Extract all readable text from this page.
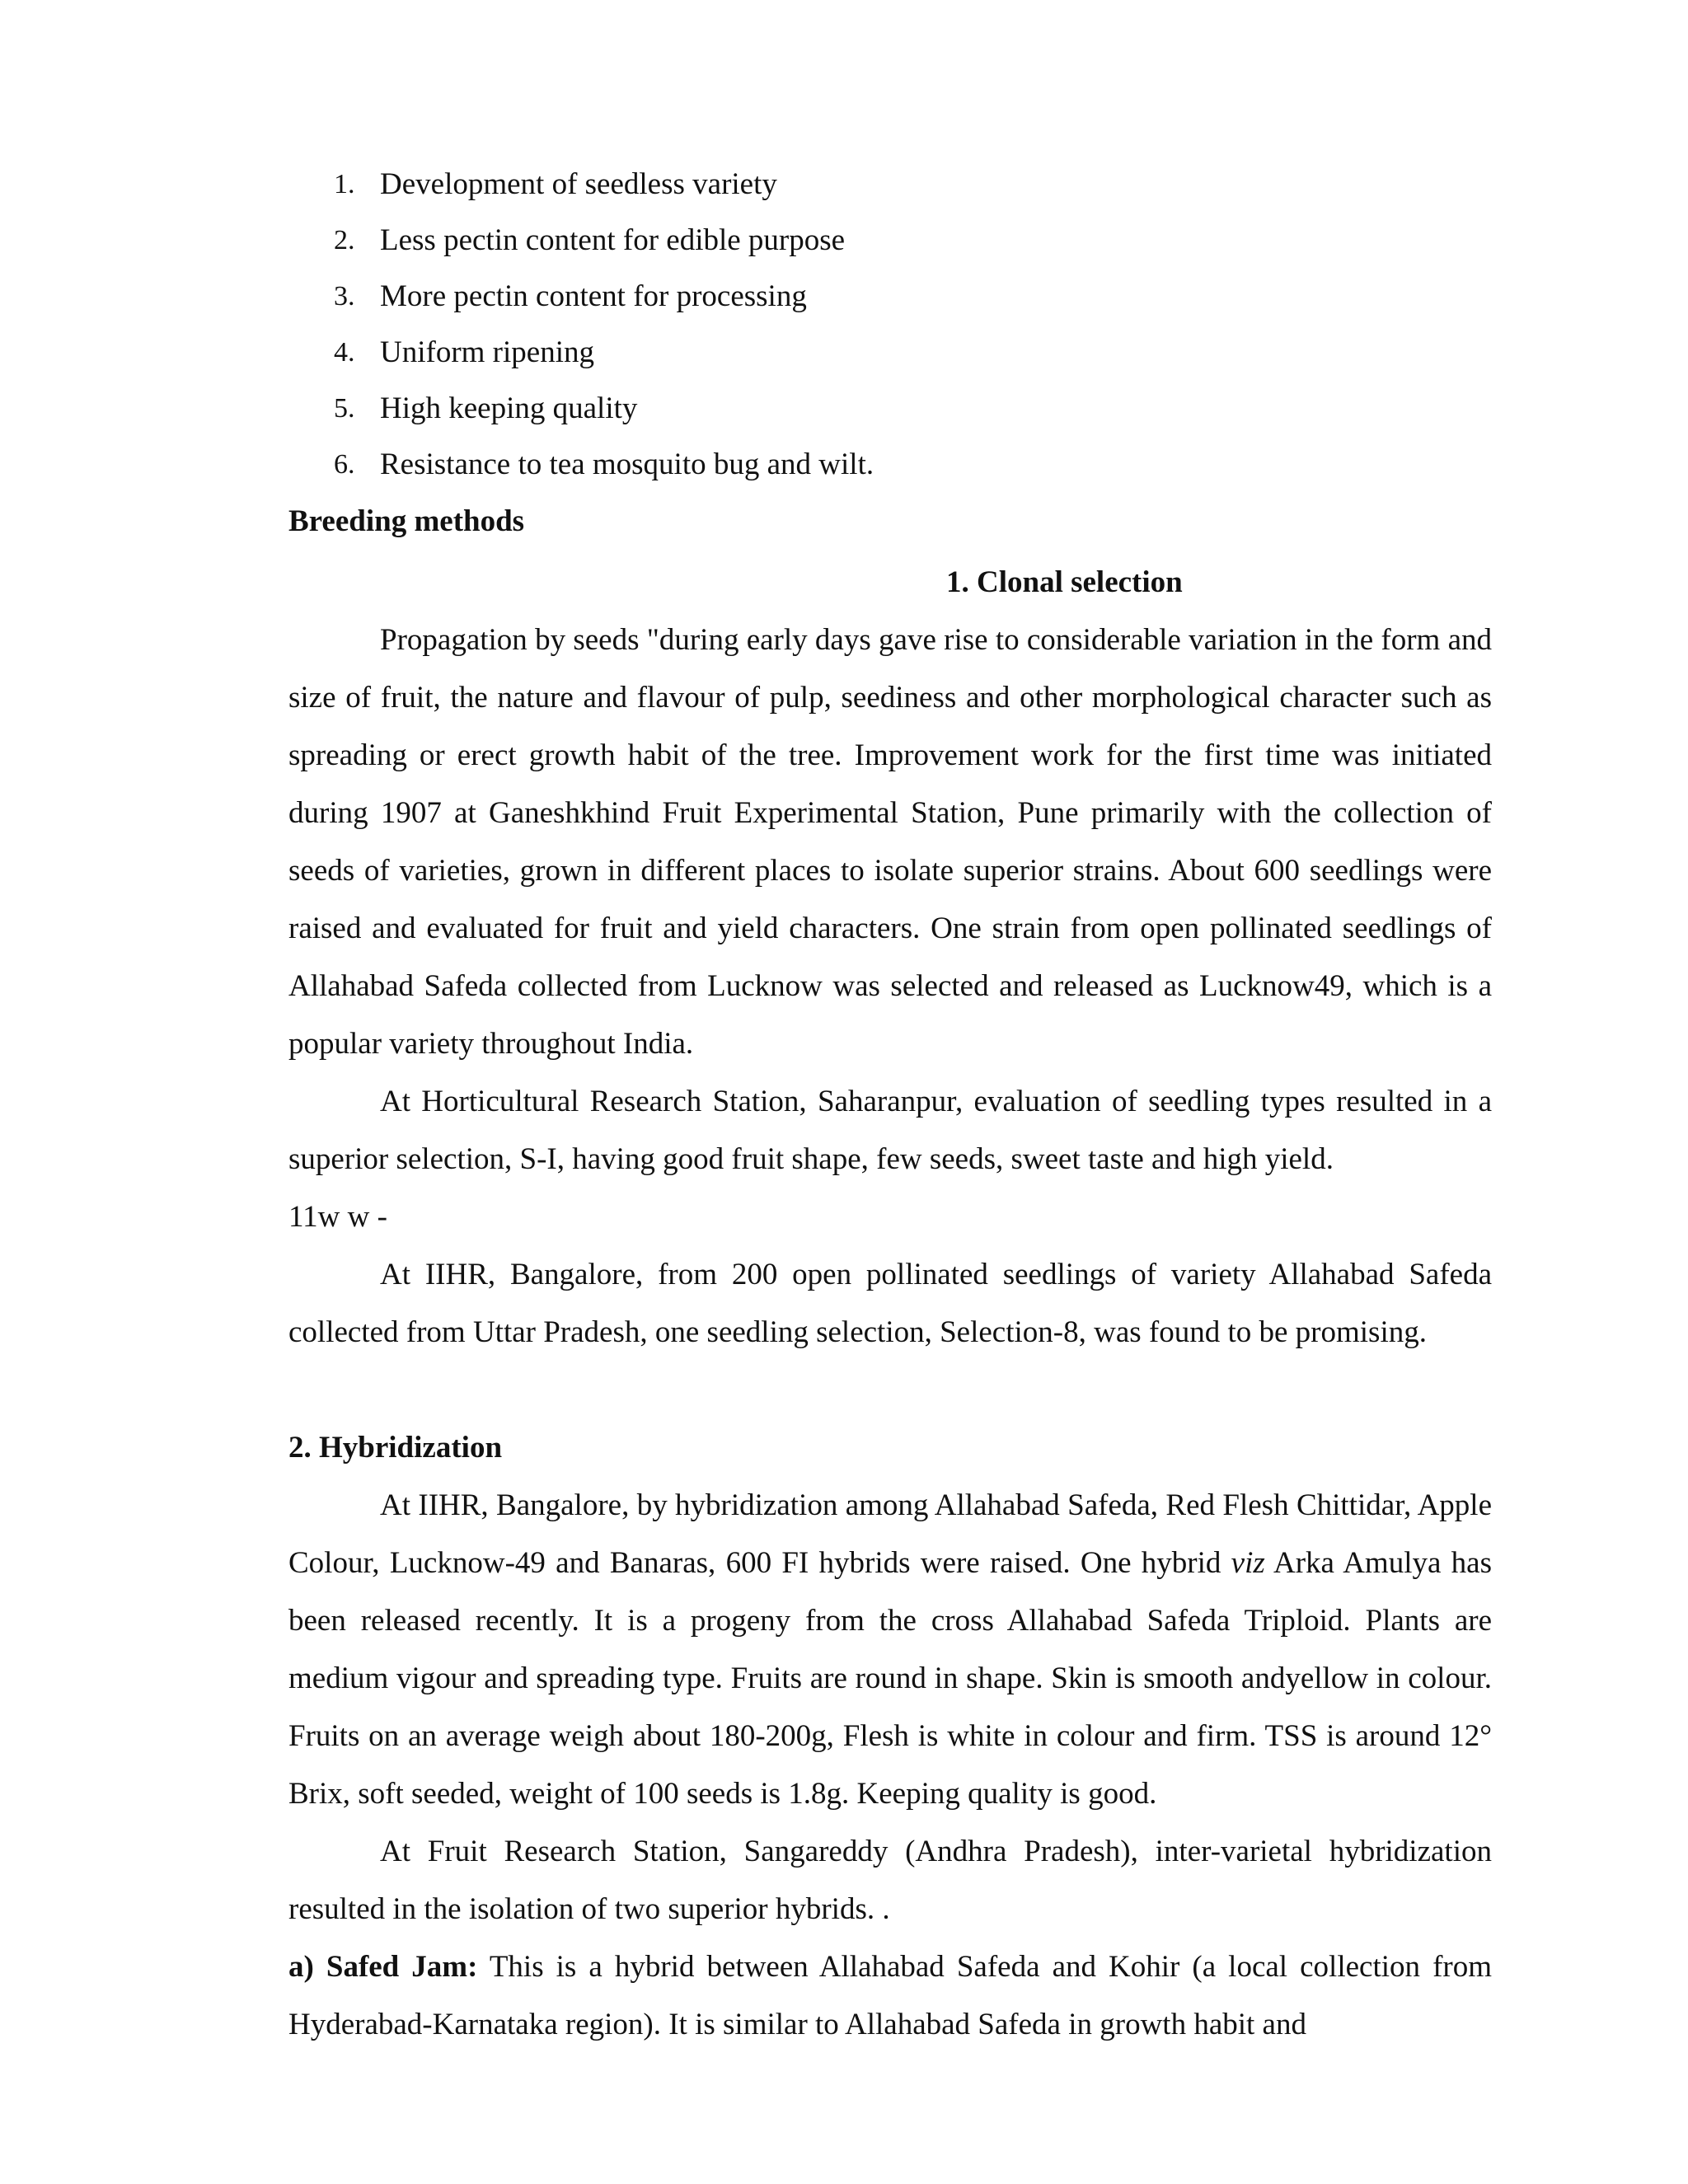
1. Development of seedless variety
2. Less pectin content for edible purpose
3. More pectin content for processing
4. Uniform ripening
5. High keeping quality
6. Resistance to tea mosquito bug and wilt.
Breeding methods
1. Clonal selection

Propagation by seeds "during early days gave rise to considerable variation in the form and size of fruit, the nature and flavour of pulp, seediness and other morphological character such as spreading or erect growth habit of the tree. Improvement work for the first time was initiated during 1907 at Ganeshkhind Fruit Experimental Station, Pune primarily with the collection of seeds of varieties, grown in different places to isolate superior strains. About 600 seedlings were raised and evaluated for fruit and yield characters. One strain from open pollinated seedlings of Allahabad Safeda collected from Lucknow was selected and released as Lucknow49, which is a popular variety throughout India.

At Horticultural Research Station, Saharanpur, evaluation of seedling types resulted in a superior selection, S-I, having good fruit shape, few seeds, sweet taste and high yield.

11w w -

At IIHR, Bangalore, from 200 open pollinated seedlings of variety Allahabad Safeda collected from Uttar Pradesh, one seedling selection, Selection-8, was found to be promising.

2. Hybridization

At IIHR, Bangalore, by hybridization among Allahabad Safeda, Red Flesh Chittidar, Apple Colour, Lucknow-49 and Banaras, 600 FI hybrids were raised. One hybrid viz Arka Amulya has been released recently. It is a progeny from the cross Allahabad Safeda Triploid. Plants are medium vigour and spreading type. Fruits are round in shape. Skin is smooth andyellow in colour. Fruits on an average weigh about 180-200g, Flesh is white in colour and firm. TSS is around 12° Brix, soft seeded, weight of 100 seeds is 1.8g. Keeping quality is good.

At Fruit Research Station, Sangareddy (Andhra Pradesh), inter-varietal hybridization resulted in the isolation of two superior hybrids. .

a) Safed Jam: This is a hybrid between Allahabad Safeda and Kohir (a local collection from Hyderabad-Karnataka region). It is similar to Allahabad Safeda in growth habit and
